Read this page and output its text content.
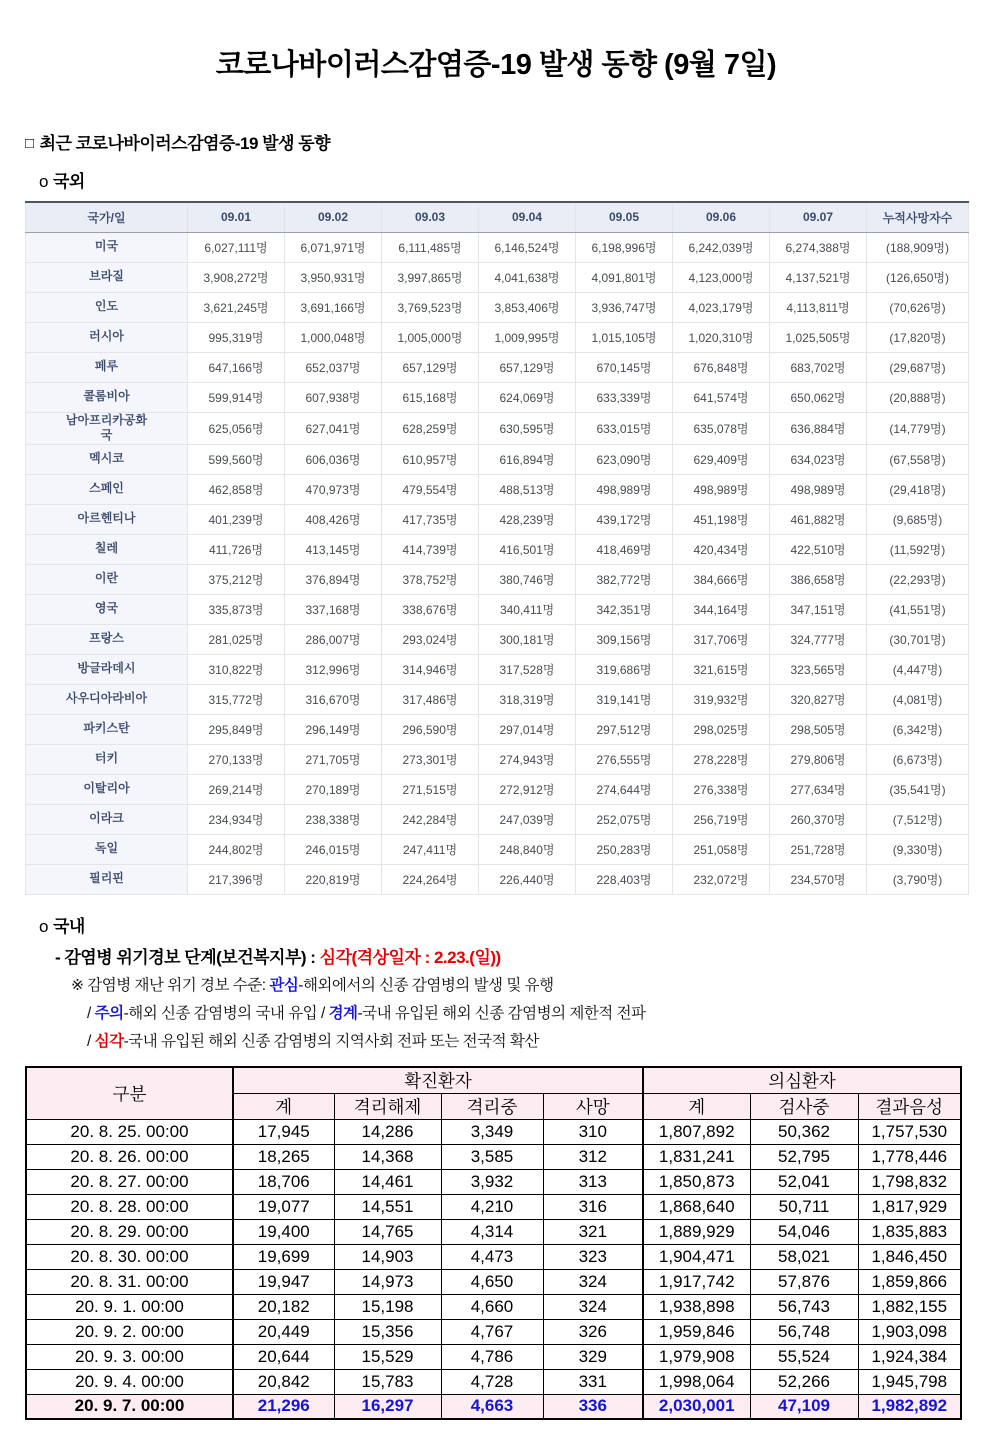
코로나바이러스감염증-19 발생 동향 (9월 7일)
□ 최근 코로나바이러스감염증-19 발생 동향
o 국외
국가/일	09.01	09.02	09.03	09.04	09.05	09.06	09.07	누적사망자수
미국	6,027,111명	6,071,971명	6,111,485명	6,146,524명	6,198,996명	6,242,039명	6,274,388명	(188,909명)
브라질	3,908,272명	3,950,931명	3,997,865명	4,041,638명	4,091,801명	4,123,000명	4,137,521명	(126,650명)
인도	3,621,245명	3,691,166명	3,769,523명	3,853,406명	3,936,747명	4,023,179명	4,113,811명	(70,626명)
러시아	995,319명	1,000,048명	1,005,000명	1,009,995명	1,015,105명	1,020,310명	1,025,505명	(17,820명)
페루	647,166명	652,037명	657,129명	657,129명	670,145명	676,848명	683,702명	(29,687명)
콜롬비아	599,914명	607,938명	615,168명	624,069명	633,339명	641,574명	650,062명	(20,888명)
남아프리카공화국	625,056명	627,041명	628,259명	630,595명	633,015명	635,078명	636,884명	(14,779명)
멕시코	599,560명	606,036명	610,957명	616,894명	623,090명	629,409명	634,023명	(67,558명)
스페인	462,858명	470,973명	479,554명	488,513명	498,989명	498,989명	498,989명	(29,418명)
아르헨티나	401,239명	408,426명	417,735명	428,239명	439,172명	451,198명	461,882명	(9,685명)
칠레	411,726명	413,145명	414,739명	416,501명	418,469명	420,434명	422,510명	(11,592명)
이란	375,212명	376,894명	378,752명	380,746명	382,772명	384,666명	386,658명	(22,293명)
영국	335,873명	337,168명	338,676명	340,411명	342,351명	344,164명	347,151명	(41,551명)
프랑스	281,025명	286,007명	293,024명	300,181명	309,156명	317,706명	324,777명	(30,701명)
방글라데시	310,822명	312,996명	314,946명	317,528명	319,686명	321,615명	323,565명	(4,447명)
사우디아라비아	315,772명	316,670명	317,486명	318,319명	319,141명	319,932명	320,827명	(4,081명)
파키스탄	295,849명	296,149명	296,590명	297,014명	297,512명	298,025명	298,505명	(6,342명)
터키	270,133명	271,705명	273,301명	274,943명	276,555명	278,228명	279,806명	(6,673명)
이탈리아	269,214명	270,189명	271,515명	272,912명	274,644명	276,338명	277,634명	(35,541명)
이라크	234,934명	238,338명	242,284명	247,039명	252,075명	256,719명	260,370명	(7,512명)
독일	244,802명	246,015명	247,411명	248,840명	250,283명	251,058명	251,728명	(9,330명)
필리핀	217,396명	220,819명	224,264명	226,440명	228,403명	232,072명	234,570명	(3,790명)
o 국내
- 감염병 위기경보 단계(보건복지부) : 심각(격상일자 : 2.23.(일))
※ 감염병 재난 위기 경보 수준: 관심-해외에서의 신종 감염병의 발생 및 유행
/ 주의-해외 신종 감염병의 국내 유입 / 경계-국내 유입된 해외 신종 감염병의 제한적 전파
/ 심각-국내 유입된 해외 신종 감염병의 지역사회 전파 또는 전국적 확산
구분	확진환자				의심환자		
	계	격리해제	격리중	사망	계	검사중	결과음성
20. 8. 25. 00:00	17,945	14,286	3,349	310	1,807,892	50,362	1,757,530
20. 8. 26. 00:00	18,265	14,368	3,585	312	1,831,241	52,795	1,778,446
20. 8. 27. 00:00	18,706	14,461	3,932	313	1,850,873	52,041	1,798,832
20. 8. 28. 00:00	19,077	14,551	4,210	316	1,868,640	50,711	1,817,929
20. 8. 29. 00:00	19,400	14,765	4,314	321	1,889,929	54,046	1,835,883
20. 8. 30. 00:00	19,699	14,903	4,473	323	1,904,471	58,021	1,846,450
20. 8. 31. 00:00	19,947	14,973	4,650	324	1,917,742	57,876	1,859,866
20. 9. 1. 00:00	20,182	15,198	4,660	324	1,938,898	56,743	1,882,155
20. 9. 2. 00:00	20,449	15,356	4,767	326	1,959,846	56,748	1,903,098
20. 9. 3. 00:00	20,644	15,529	4,786	329	1,979,908	55,524	1,924,384
20. 9. 4. 00:00	20,842	15,783	4,728	331	1,998,064	52,266	1,945,798
20. 9. 7. 00:00	21,296	16,297	4,663	336	2,030,001	47,109	1,982,892
